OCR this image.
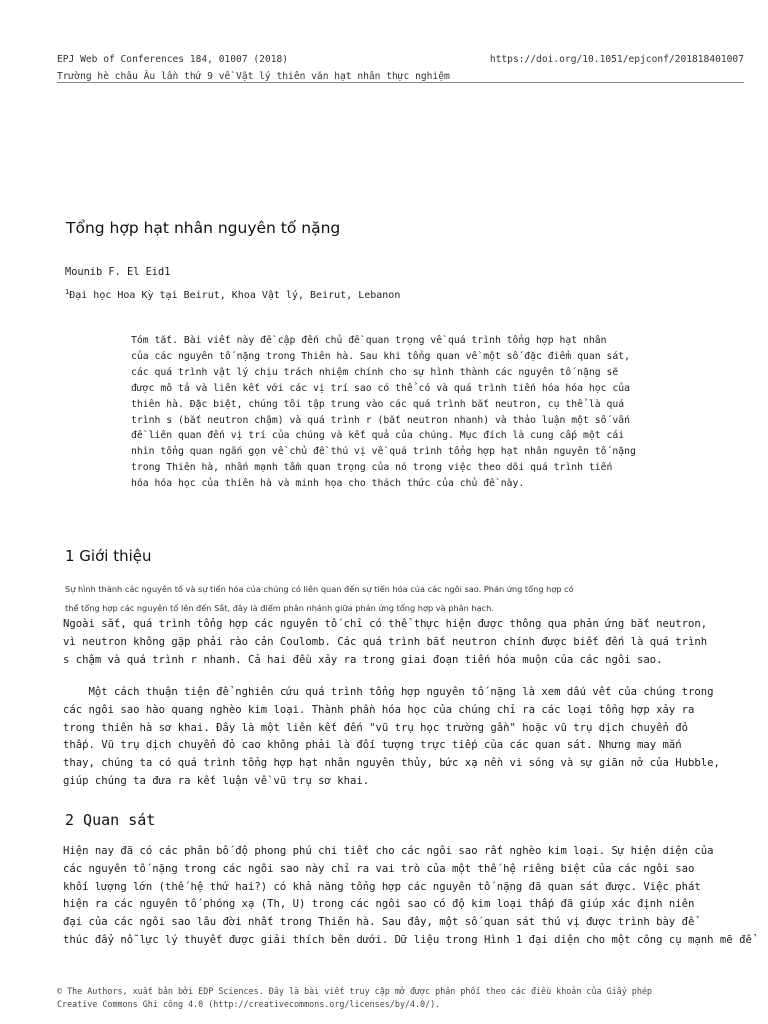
EPJ Web of Conferences 184, 01007 (2018)	https://doi.org/10.1051/epjconf/201818401007
Trường hè châu Âu lần thứ 9 về Vật lý thiên văn hạt nhân thực nghiệm
Tổng hợp hạt nhân nguyên tố nặng
Mounib F. El Eid1
$^1$Đại học Hoa Kỳ tại Beirut, Khoa Vật lý, Beirut, Lebanon
Tóm tắt. Bài viết này đề cập đến chủ đề quan trọng về quá trình tổng hợp hạt nhân
của các nguyên tố nặng trong Thiên hà. Sau khi tổng quan về một số đặc điểm quan sát,
các quá trình vật lý chịu trách nhiệm chính cho sự hình thành các nguyên tố nặng sẽ
được mô tả và liên kết với các vị trí sao có thể có và quá trình tiến hóa hóa học của
thiên hà. Đặc biệt, chúng tôi tập trung vào các quá trình bắt neutron, cụ thể là quá
trình s (bắt neutron chậm) và quá trình r (bắt neutron nhanh) và thảo luận một số vấn
đề liên quan đến vị trí của chúng và kết quả của chúng. Mục đích là cung cấp một cái
nhìn tổng quan ngắn gọn về chủ đề thú vị về quá trình tổng hợp hạt nhân nguyên tố nặng
trong Thiên hà, nhấn mạnh tầm quan trọng của nó trong việc theo dõi quá trình tiến
hóa hóa học của thiên hà và minh họa cho thách thức của chủ đề này.
1 Giới thiệu
Sự hình thành các nguyên tố và sự tiến hóa của chúng có liên quan đến sự tiến hóa của các ngôi sao. Phản ứng tổng hợp có
thể tổng hợp các nguyên tố lên đến Sắt, đây là điểm phân nhánh giữa phản ứng tổng hợp và phân hạch.
Ngoài sắt, quá trình tổng hợp các nguyên tố chỉ có thể thực hiện được thông qua phản ứng bắt neutron,
vì neutron không gặp phải rào cản Coulomb. Các quá trình bắt neutron chính được biết đến là quá trình
s chậm và quá trình r nhanh. Cả hai đều xảy ra trong giai đoạn tiến hóa muộn của các ngôi sao.
Một cách thuận tiện để nghiên cứu quá trình tổng hợp nguyên tố nặng là xem dấu vết của chúng trong
các ngôi sao hào quang nghèo kim loại. Thành phần hóa học của chúng chỉ ra các loại tổng hợp xảy ra
trong thiên hà sơ khai. Đây là một liên kết đến "vũ trụ học trường gần" hoặc vũ trụ dịch chuyển đỏ
thấp. Vũ trụ dịch chuyển đỏ cao không phải là đối tượng trực tiếp của các quan sát. Nhưng may mắn
thay, chúng ta có quá trình tổng hợp hạt nhân nguyên thủy, bức xạ nền vi sóng và sự giãn nở của Hubble,
giúp chúng ta đưa ra kết luận về vũ trụ sơ khai.
2 Quan sát
Hiện nay đã có các phân bố độ phong phú chi tiết cho các ngôi sao rất nghèo kim loại. Sự hiện diện của
các nguyên tố nặng trong các ngôi sao này chỉ ra vai trò của một thế hệ riêng biệt của các ngôi sao
khối lượng lớn (thế hệ thứ hai?) có khả năng tổng hợp các nguyên tố nặng đã quan sát được. Việc phát
hiện ra các nguyên tố phóng xạ (Th, U) trong các ngôi sao có độ kim loại thấp đã giúp xác định niên
đại của các ngôi sao lâu đời nhất trong Thiên hà. Sau đây, một số quan sát thú vị được trình bày để
thúc đẩy nỗ lực lý thuyết được giải thích bên dưới. Dữ liệu trong Hình 1 đại diện cho một công cụ mạnh mẽ để
© The Authors, xuất bản bởi EDP Sciences. Đây là bài viết truy cập mở được phân phối theo các điều khoản của Giấy phép
Creative Commons Ghi công 4.0 (http://creativecommons.org/licenses/by/4.0/).
